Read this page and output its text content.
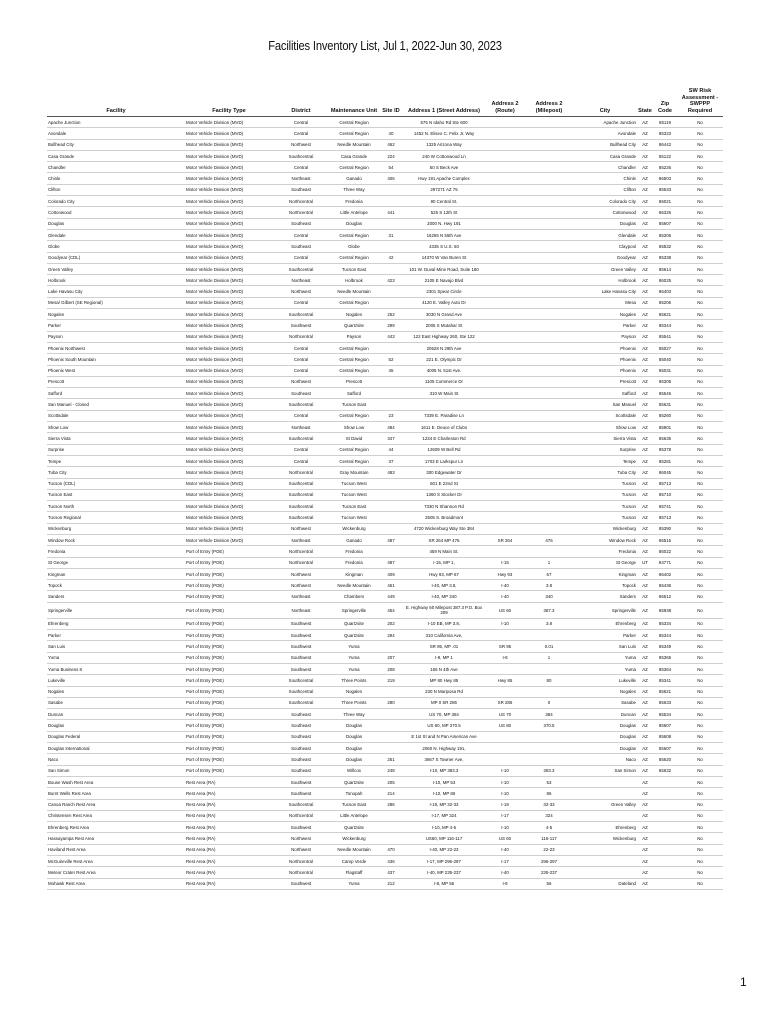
Facilities Inventory List, Jul 1, 2022-Jun 30, 2023
Facility	Facility Type	District	Maintenance Unit	Site ID	Address 1 (Street Address)	Address 2 (Route)	Address 2 (Milepost)	City	State	Zip Code	SW Risk Assessment - SWPPP Required
Apache Junction	Motor Vehicle Division (MVD)	Central	Central Region		575 N Idaho Rd Ste 600			Apache Junction	AZ	85119	No
Avondale	Motor Vehicle Division (MVD)	Central	Central Region	40	1452 N. Eliseo C. Felix Jr. Way			Avondale	AZ	85323	No
Bullhead City	Motor Vehicle Division (MVD)	Northwest	Needle Mountain	462	1325 Arizona Way			Bullhead City	AZ	86442	No
Casa Grande	Motor Vehicle Division (MVD)	Southcentral	Casa Grande	224	240 W Cottonwood Ln			Casa Grande	AZ	85122	No
Chandler	Motor Vehicle Division (MVD)	Central	Central Region	54	50 S Beck Ave			Chandler	AZ	85226	No
Chinle	Motor Vehicle Division (MVD)	Northeast	Ganado	406	Hwy 191 Apache Complex			Chinle	AZ	86503	No
Clifton	Motor Vehicle Division (MVD)	Southeast	Three Way		297271 AZ 75			Clifton	AZ	85533	No
Colorado City	Motor Vehicle Division (MVD)	Northcentral	Fredonia		90 Central St.			Colorado City	AZ	86021	No
Cottonwood	Motor Vehicle Division (MVD)	Northcentral	Little Antelope	441	525 S 12th St			Cottonwood	AZ	86326	No
Douglas	Motor Vehicle Division (MVD)	Southeast	Douglas		2000 N. Hwy 191			Douglas	AZ	85607	No
Glendale	Motor Vehicle Division (MVD)	Central	Central Region	31	16255 N 55th Ave			Glendale	AZ	85306	No
Globe	Motor Vehicle Division (MVD)	Southeast	Globe		4335 S U.S. 60			Claypool	AZ	85532	No
Goodyear (CDL)	Motor Vehicle Division (MVD)	Central	Central Region	42	14370 W Van Buren St			Goodyear	AZ	85338	No
Green Valley	Motor Vehicle Division (MVD)	Southcentral	Tucson East		101 W. Duval Mine Road, Suite 180			Green Valley	AZ	85614	No
Holbrook	Motor Vehicle Division (MVD)	Northeast	Holbrook	423	2105 E Navajo Blvd			Holbrook	AZ	86025	No
Lake Havasu City	Motor Vehicle Division (MVD)	Northwest	Needle Mountain		2301 Spear Circle			Lake Havasu City	AZ	86403	No
Mesa/ Gilbert (SE Regional)	Motor Vehicle Division (MVD)	Central	Central Region		4120 E. Valley Auto Dr			Mesa	AZ	85206	No
Nogales	Motor Vehicle Division (MVD)	Southcentral	Nogales	252	3030 N Grand Ave			Nogales	AZ	85621	No
Parker	Motor Vehicle Division (MVD)	Southwest	Quartzsite	299	2005 S Mutahar St			Parker	AZ	85344	No
Payson	Motor Vehicle Division (MVD)	Northcentral	Payson	443	122 East Highway 260, Ste 122			Payson	AZ	85541	No
Phoenix Northwest	Motor Vehicle Division (MVD)	Central	Central Region		20628 N 29th Ave			Phoenix	AZ	85027	No
Phoenix South Mountain	Motor Vehicle Division (MVD)	Central	Central Region	52	221 E. Olympic Dr			Phoenix	AZ	85040	No
Phoenix West	Motor Vehicle Division (MVD)	Central	Central Region	45	4005 N. 51st Ave.			Phoenix	AZ	85031	No
Prescott	Motor Vehicle Division (MVD)	Northwest	Prescott		1105 Commerce Dr			Prescott	AZ	86305	No
Safford	Motor Vehicle Division (MVD)	Southeast	Safford		310 W Main St			Safford	AZ	85546	No
San Manuel - Closed	Motor Vehicle Division (MVD)	Southcentral	Tucson East					San Manuel	AZ	85631	No
Scottsdale	Motor Vehicle Division (MVD)	Central	Central Region	23	7339 E. Paradise Ln			Scottsdale	AZ	85260	No
Show Low	Motor Vehicle Division (MVD)	Northeast	Show Low	484	1611 E. Deuce of Clubs			Show Low	AZ	85901	No
Sierra Vista	Motor Vehicle Division (MVD)	Southcentral	St David	347	1234 E Charleston Rd			Sierra Vista	AZ	85635	No
Surprise	Motor Vehicle Division (MVD)	Central	Central Region	44	12609 W Bell Rd			Surprise	AZ	85378	No
Tempe	Motor Vehicle Division (MVD)	Central	Central Region	37	1703 E Larkspur Ln			Tempe	AZ	85281	No
Tuba City	Motor Vehicle Division (MVD)	Northcentral	Gray Mountain	483	300 Edgewater Dr			Tuba City	AZ	86045	No
Tucson (CDL)	Motor Vehicle Division (MVD)	Southcentral	Tucson West		601 E 22nd St			Tucson	AZ	85713	No
Tucson East	Motor Vehicle Division (MVD)	Southcentral	Tucson West		1360 S Stocker Dr			Tucson	AZ	85710	No
Tucson North	Motor Vehicle Division (MVD)	Southcentral	Tucson East		7330 N Shannon Rd			Tucson	AZ	85741	No
Tucson Regional	Motor Vehicle Division (MVD)	Southcentral	Tucson West		2605 S. Broadmont			Tucson	AZ	85713	No
Wickenburg	Motor Vehicle Division (MVD)	Northwest	Wickenburg		4720 Wickenburg Way Ste 384			Wickenburg	AZ	85390	No
Window Rock	Motor Vehicle Division (MVD)	Northeast	Ganado	487	SR 264 MP 476	SR 264	476	Window Rock	AZ	86515	No
Fredonia	Port of Entry (POE)	Northcentral	Fredonia		459 N Main St.			Fredonia	AZ	86022	No
St George	Port of Entry (POE)	Northcentral	Fredonia	487	I-15, MP 1,	I-15	1	St George	UT	84771	No
Kingman	Port of Entry (POE)	Northwest	Kingman	409	Hwy 93, MP 67	Hwy 93	67	Kingman	AZ	86402	No
Topock	Port of Entry (POE)	Northwest	Needle Mountain	461	I-40, MP 3.8,	I-40	3.8	Topock	AZ	86436	No
Sanders	Port of Entry (POE)	Northeast	Chambers	449	I-40, MP 340	I-40	340	Sanders	AZ	86512	No
Springerville	Port of Entry (POE)	Northeast	Springerville	454	E. Highway 60 Milepost 387.3 P.O. Box 209	US 60	387.3	Springerville	AZ	85938	No
Ehrenberg	Port of Entry (POE)	Southwest	Quartzsite	202	I-10 EB, MP 3.8,	I-10	3.8	Ehrenberg	AZ	85334	No
Parker	Port of Entry (POE)	Southwest	Quartzsite	294	310 California Ave,			Parker	AZ	85344	No
San Luis	Port of Entry (POE)	Southwest	Yuma		SR 95, MP .01	SR 95	0.01	San Luis	AZ	85349	No
Yuma	Port of Entry (POE)	Southwest	Yuma	207	I-8, MP 1	I-8	1	Yuma	AZ	85365	No
Yuma Business 8	Port of Entry (POE)	Southwest	Yuma	208	156 N 4th Ave			Yuma	AZ	85364	No
Lukeville	Port of Entry (POE)	Southcentral	Three Points	219	MP 80 Hwy 85	Hwy 85	80	Lukeville	AZ	85341	No
Nogales	Port of Entry (POE)	Southcentral	Nogales		230 N Mariposa Rd			Nogales	AZ	85621	No
Sasabe	Port of Entry (POE)	Southcentral	Three Points	280	MP 0 SR 286	SR 286	0	Sasabe	AZ	85633	No
Duncan	Port of Entry (POE)	Southeast	Three Way		US 70, MP 384	US 70	384	Duncan	AZ	85534	No
Douglas	Port of Entry (POE)	Southeast	Douglas		US 80, MP 370.5	US 80	370.5	Douglas	AZ	85607	No
Douglas Federal	Port of Entry (POE)	Southeast	Douglas		E 1st St and N Pan American Ave			Douglas	AZ	85608	No
Douglas International	Port of Entry (POE)	Southeast	Douglas		2060 N. Highway 191,			Douglas	AZ	85607	No
Naco	Port of Entry (POE)	Southeast	Douglas	251	3667 S Towner Ave,			Naco	AZ	85620	No
San Simon	Port of Entry (POE)	Southeast	Willcox	248	I-10, MP 383.3	I-10	383.3	San Simon	AZ	85632	No
Bouse Wash Rest Area	Rest Area (RA)	Southwest	Quartzsite	205	I-10, MP 53	I-10	53		AZ		No
Burnt Wells Rest Area	Rest Area (RA)	Southwest	Tonopah	214	I-10, MP 86	I-10	86		AZ		No
Canoa Ranch Rest Area	Rest Area (RA)	Southcentral	Tucson East	286	I-19, MP 32-33	I-19	32-33	Green Valley	AZ		No
Christensen Rest Area	Rest Area (RA)	Northcentral	Little Antelope		I-17, MP 324	I-17	324		AZ		No
Ehrenberg Rest Area	Rest Area (RA)	Southwest	Quartzsite		I-10, MP 4-5	I-10	4-5	Ehrenberg	AZ		No
Hassayampa Rest Area	Rest Area (RA)	Northwest	Wickenburg		US60, MP 116-117	US 60	116-117	Wickenburg	AZ		No
Haviland Rest Area	Rest Area (RA)	Northwest	Needle Mountain	470	I-40, MP 22-23	I-40	22-23		AZ		No
McGuireville Rest Area	Rest Area (RA)	Northcentral	Camp Verde	436	I-17, MP 296-297	I-17	296-297		AZ		No
Meteor Crater Rest Area	Rest Area (RA)	Northcentral	Flagstaff	437	I-40, MP 235-237	I-40	235-237		AZ		No
Mohawk Rest Area	Rest Area (RA)	Southwest	Yuma	212	I-8, MP 56	I-8	56	Dateland	AZ		No
1
